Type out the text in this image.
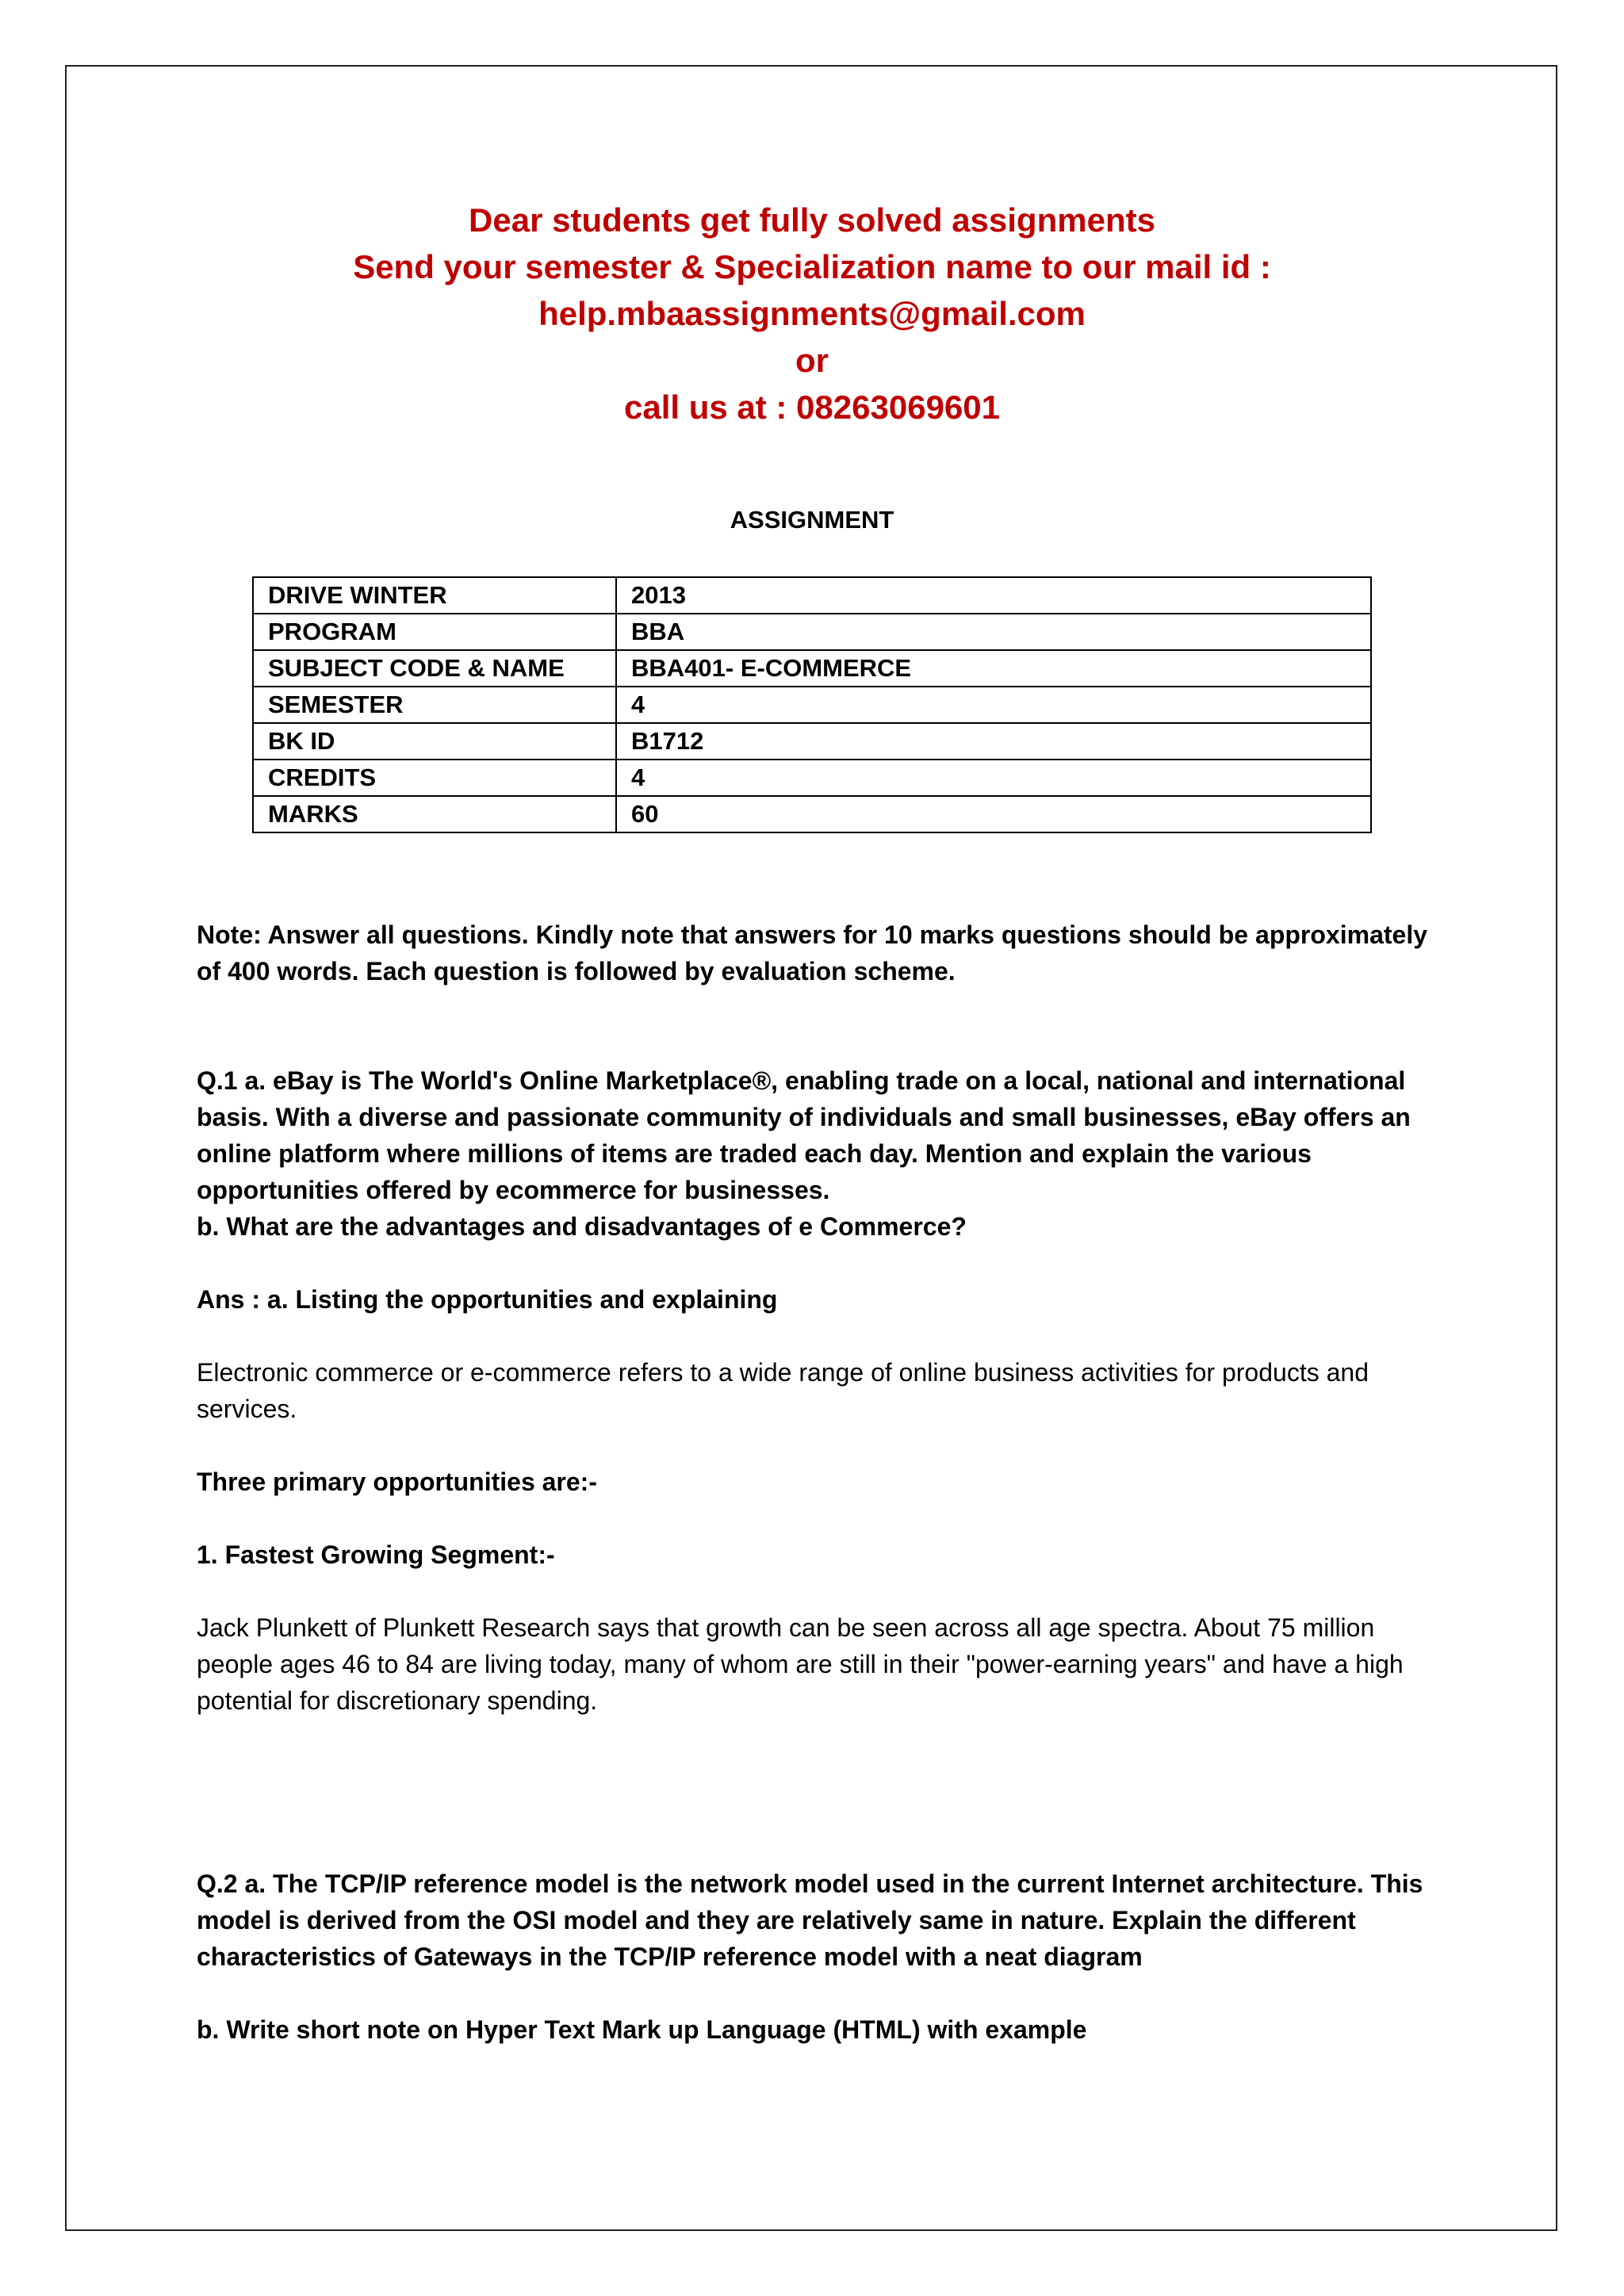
Dear students get fully solved assignments
Send your semester & Specialization name to our mail id :
help.mbaassignments@gmail.com
or
call us at : 08263069601
ASSIGNMENT
DRIVE WINTER	2013
PROGRAM	BBA
SUBJECT CODE & NAME	BBA401- E-COMMERCE
SEMESTER	4
BK ID	B1712
CREDITS	4
MARKS	60
Note: Answer all questions. Kindly note that answers for 10 marks questions should be approximately of 400 words. Each question is followed by evaluation scheme.
Q.1 a. eBay is The World's Online Marketplace®, enabling trade on a local, national and international basis. With a diverse and passionate community of individuals and small businesses, eBay offers an online platform where millions of items are traded each day. Mention and explain the various opportunities offered by ecommerce for businesses.
b. What are the advantages and disadvantages of e Commerce?
Ans : a. Listing the opportunities and explaining
Electronic commerce or e-commerce refers to a wide range of online business activities for products and services.
Three primary opportunities are:-
1. Fastest Growing Segment:-
Jack Plunkett of Plunkett Research says that growth can be seen across all age spectra. About 75 million people ages 46 to 84 are living today, many of whom are still in their "power-earning years" and have a high potential for discretionary spending.
Q.2 a. The TCP/IP reference model is the network model used in the current Internet architecture. This model is derived from the OSI model and they are relatively same in nature. Explain the different characteristics of Gateways in the TCP/IP reference model with a neat diagram
b. Write short note on Hyper Text Mark up Language (HTML) with example
